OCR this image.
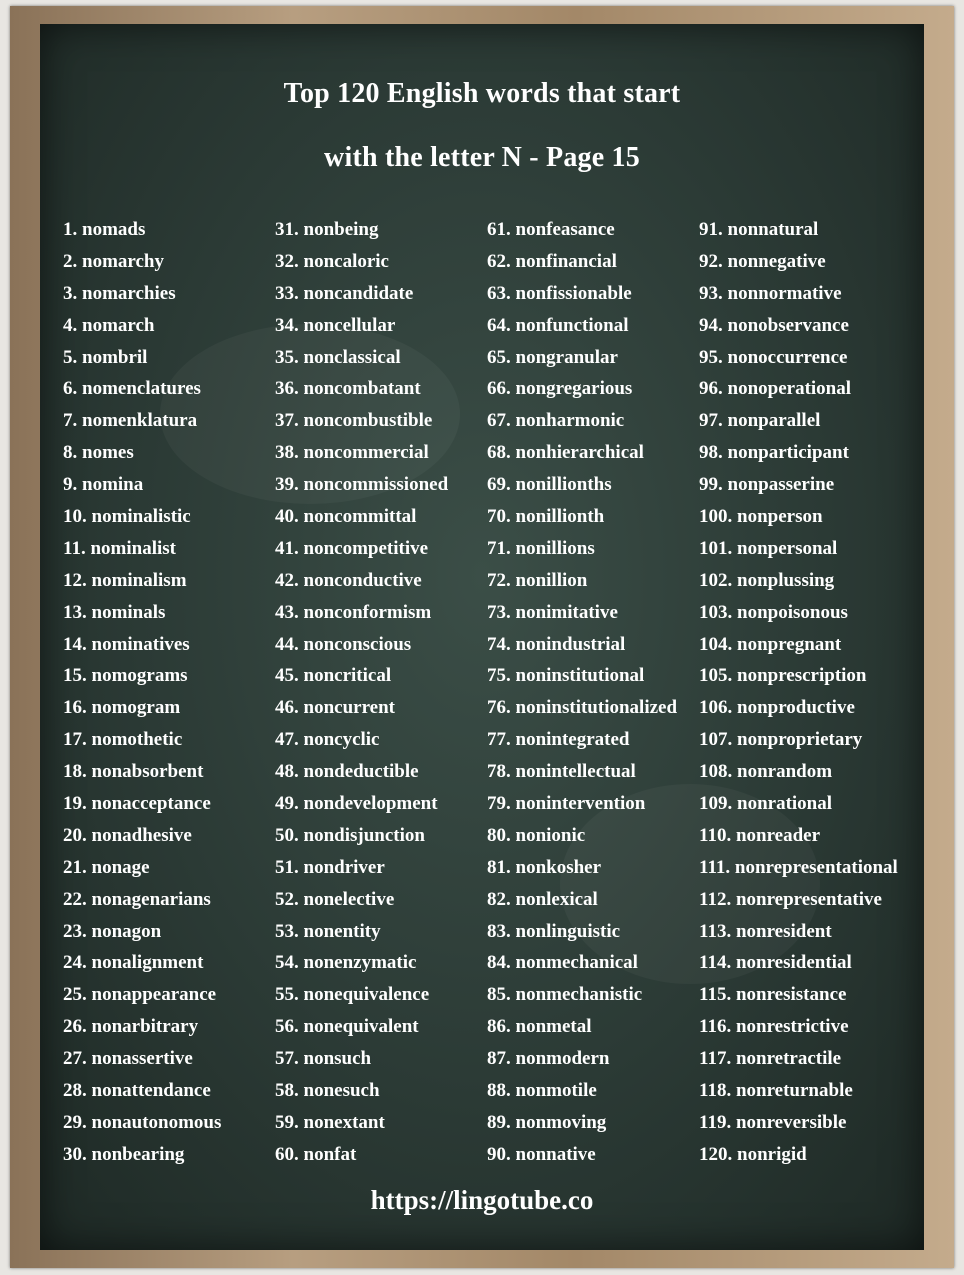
Top 120 English words that start
with the letter N - Page 15
1. nomads
2. nomarchy
3. nomarchies
4. nomarch
5. nombril
6. nomenclatures
7. nomenklatura
8. nomes
9. nomina
10. nominalistic
11. nominalist
12. nominalism
13. nominals
14. nominatives
15. nomograms
16. nomogram
17. nomothetic
18. nonabsorbent
19. nonacceptance
20. nonadhesive
21. nonage
22. nonagenarians
23. nonagon
24. nonalignment
25. nonappearance
26. nonarbitrary
27. nonassertive
28. nonattendance
29. nonautonomous
30. nonbearing
31. nonbeing
32. noncaloric
33. noncandidate
34. noncellular
35. nonclassical
36. noncombatant
37. noncombustible
38. noncommercial
39. noncommissioned
40. noncommittal
41. noncompetitive
42. nonconductive
43. nonconformism
44. nonconscious
45. noncritical
46. noncurrent
47. noncyclic
48. nondeductible
49. nondevelopment
50. nondisjunction
51. nondriver
52. nonelective
53. nonentity
54. nonenzymatic
55. nonequivalence
56. nonequivalent
57. nonsuch
58. nonesuch
59. nonextant
60. nonfat
61. nonfeasance
62. nonfinancial
63. nonfissionable
64. nonfunctional
65. nongranular
66. nongregarious
67. nonharmonic
68. nonhierarchical
69. nonillionths
70. nonillionth
71. nonillions
72. nonillion
73. nonimitative
74. nonindustrial
75. noninstitutional
76. noninstitutionalized
77. nonintegrated
78. nonintellectual
79. nonintervention
80. nonionic
81. nonkosher
82. nonlexical
83. nonlinguistic
84. nonmechanical
85. nonmechanistic
86. nonmetal
87. nonmodern
88. nonmotile
89. nonmoving
90. nonnative
91. nonnatural
92. nonnegative
93. nonnormative
94. nonobservance
95. nonoccurrence
96. nonoperational
97. nonparallel
98. nonparticipant
99. nonpasserine
100. nonperson
101. nonpersonal
102. nonplussing
103. nonpoisonous
104. nonpregnant
105. nonprescription
106. nonproductive
107. nonproprietary
108. nonrandom
109. nonrational
110. nonreader
111. nonrepresentational
112. nonrepresentative
113. nonresident
114. nonresidential
115. nonresistance
116. nonrestrictive
117. nonretractile
118. nonreturnable
119. nonreversible
120. nonrigid
https://lingotube.co
